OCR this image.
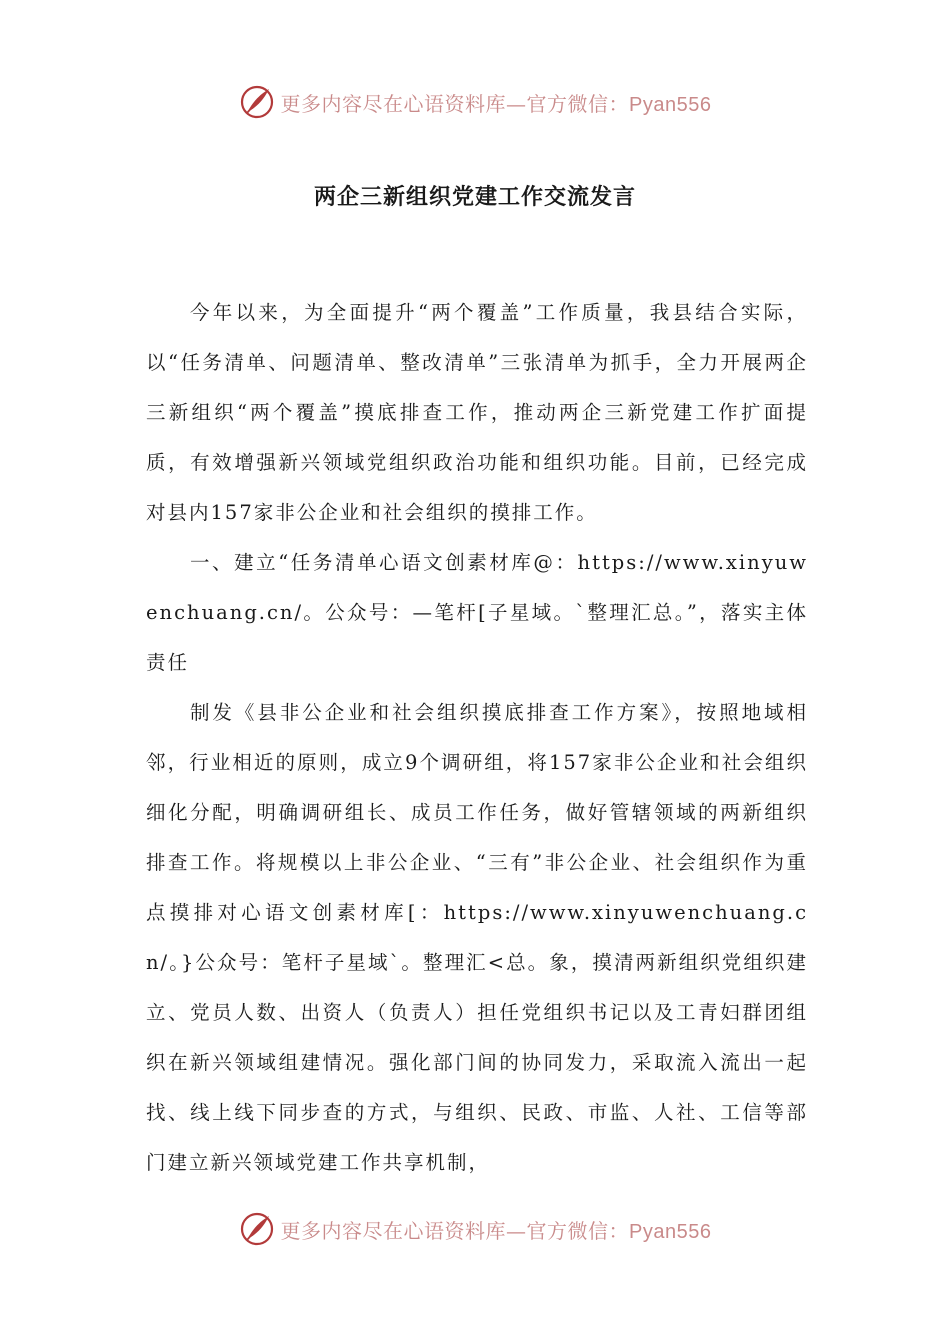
更多内容尽在心语资料库—官方微信：Pyan556
两企三新组织党建工作交流发言

今年以来，为全面提升“两个覆盖”工作质量，我县结合实际，以“任务清单、问题清单、整改清单”三张清单为抓手，全力开展两企三新组织“两个覆盖”摸底排查工作，推动两企三新党建工作扩面提质，有效增强新兴领域党组织政治功能和组织功能。目前，已经完成对县内157家非公企业和社会组织的摸排工作。

一、建立“任务清单心语文创素材库@：https://www.xinyuwenchuang.cn/。公众号：—笔杆[子星域。`整理汇总。”，落实主体责任

制发《县非公企业和社会组织摸底排查工作方案》，按照地域相邻，行业相近的原则，成立9个调研组，将157家非公企业和社会组织细化分配，明确调研组长、成员工作任务，做好管辖领域的两新组织排查工作。将规模以上非公企业、“三有”非公企业、社会组织作为重点摸排对心语文创素材库[：https://www.xinyuwenchuang.cn/。}公众号：笔杆子星域`。整理汇<总。象，摸清两新组织党组织建立、党员人数、出资人（负责人）担任党组织书记以及工青妇群团组织在新兴领域组建情况。强化部门间的协同发力，采取流入流出一起找、线上线下同步查的方式，与组织、民政、市监、人社、工信等部门建立新兴领域党建工作共享机制，

更多内容尽在心语资料库—官方微信：Pyan556
